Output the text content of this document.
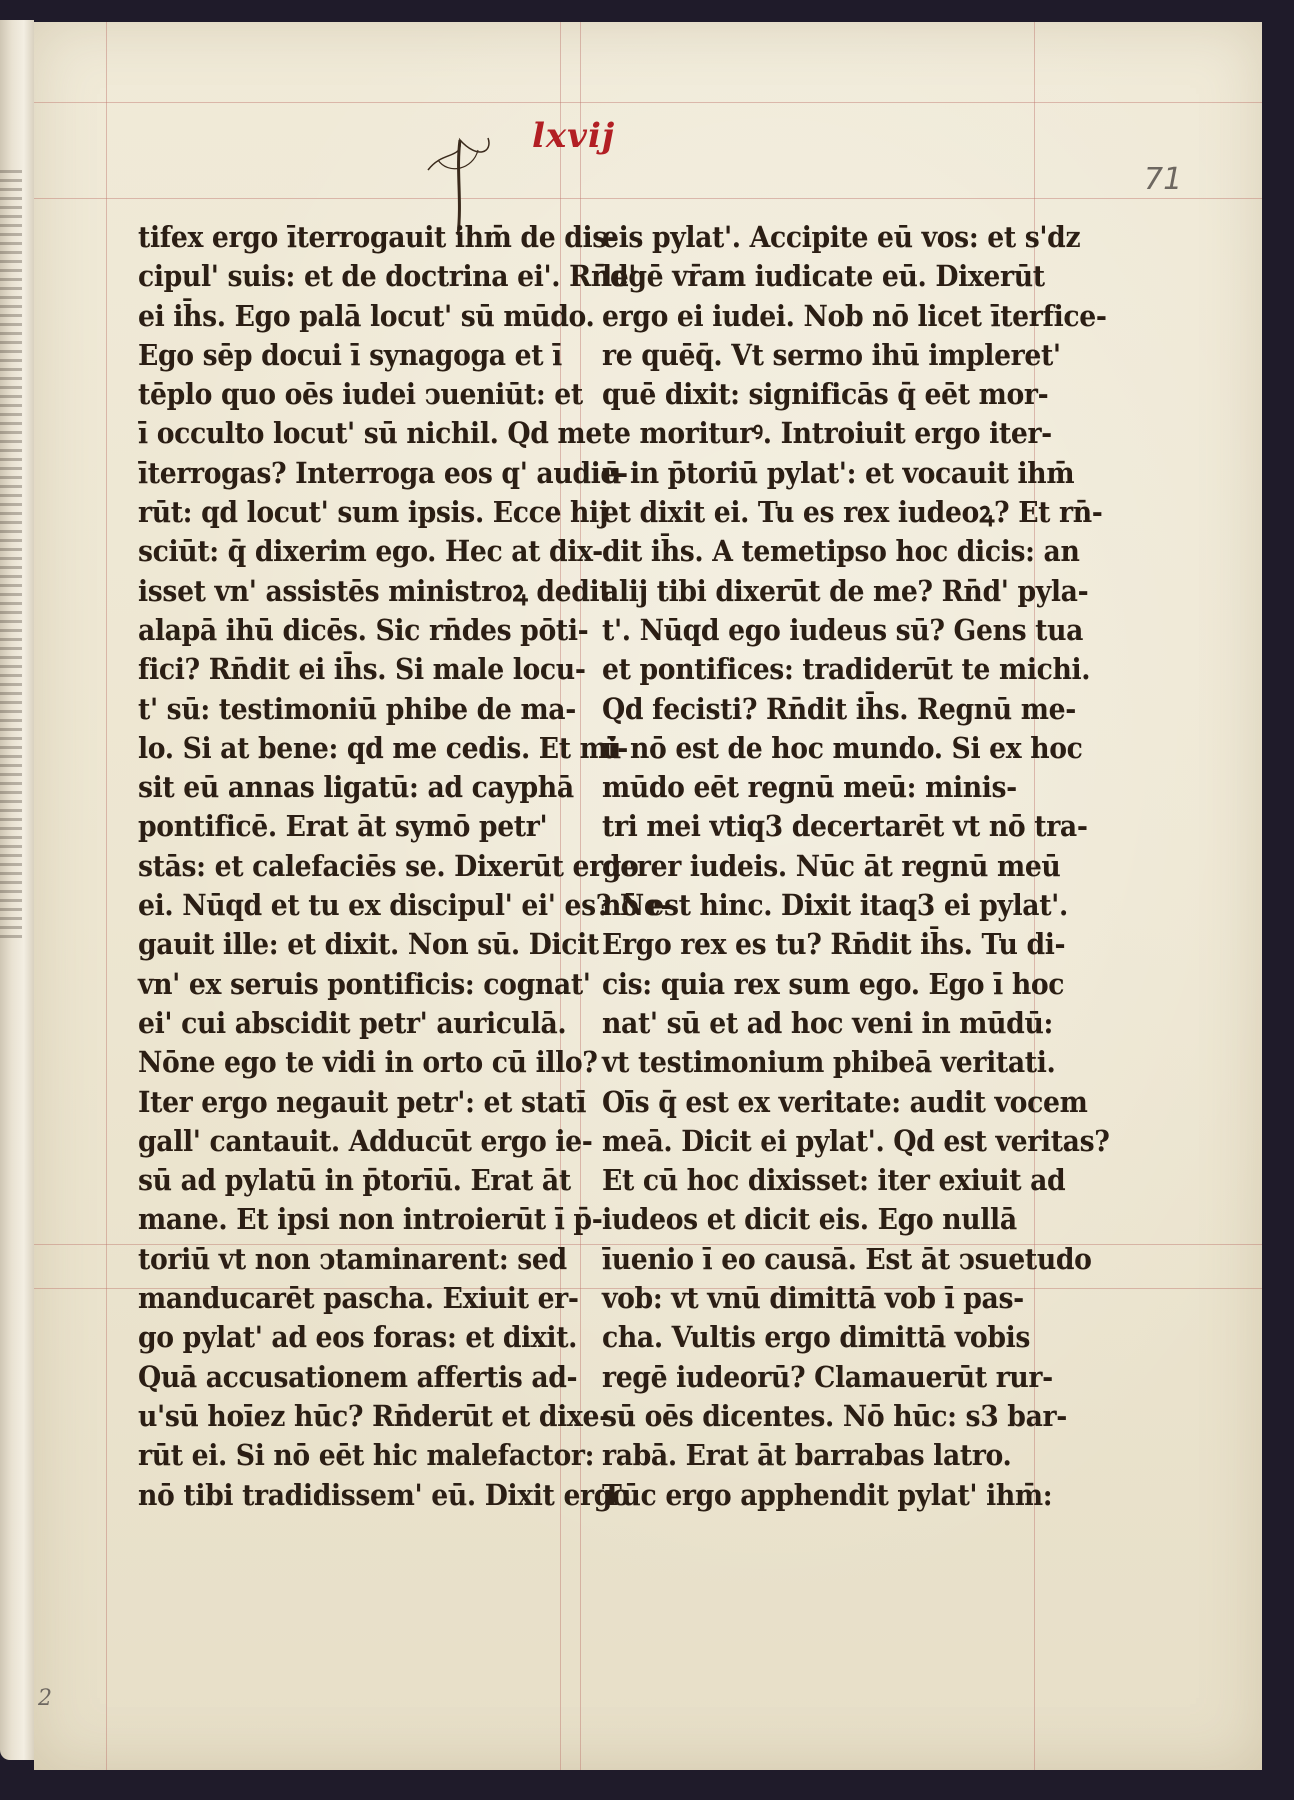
lxvij
71
2
tifex ergo īterrogauit ihm̄ de dis-
cipul' suis: et de doctrina ei'. Rn̄d'
ei ih̄s. Ego palā locut' sū mūdo.
Ego sēp docui ī synagoga et ī
tēplo quo oēs iudei ↄueniūt: et
ī occulto locut' sū nichil. Qd me
īterrogas? Interroga eos q' audie-
rūt: qd locut' sum ipsis. Ecce hij
sciūt: q̄ dixerim ego. Hec at dix-
isset vn' assistēs ministroꝝ dedit
alapā ihū dicēs. Sic rn̄des pōti-
fici? Rn̄dit ei ih̄s. Si male locu-
t' sū: testimoniū phibe de ma-
lo. Si at bene: qd me cedis. Et mi-
sit eū annas ligatū: ad cayphā
pontificē. Erat āt symō petr'
stās: et calefaciēs se. Dixerūt ergo
ei. Nūqd et tu ex discipul' ei' es? Ne-
gauit ille: et dixit. Non sū. Dicit
vn' ex seruis pontificis: cognat'
ei' cui abscidit petr' auriculā.
Nōne ego te vidi in orto cū illo?
Iter ergo negauit petr': et statī
gall' cantauit. Adducūt ergo ie-
sū ad pylatū in p̄torīū. Erat āt
mane. Et ipsi non introierūt ī p̄-
toriū vt non ↄtaminarent: sed
manducarēt pascha. Exiuit er-
go pylat' ad eos foras: et dixit.
Quā accusationem affertis ad-
u'sū hoīez hūc? Rn̄derūt et dixe-
rūt ei. Si nō eēt hic malefactor:
nō tibi tradidissem' eū. Dixit ergo
eis pylat'. Accipite eū vos: et s'dz
legē vr̄am iudicate eū. Dixerūt
ergo ei iudei. Nob nō licet īterfice-
re quēq̄. Vt sermo ihū impleret'
quē dixit: significās q̄ eēt mor-
te moriturꝰ. Introiuit ergo iter-
ū in p̄toriū pylat': et vocauit ihm̄
et dixit ei. Tu es rex iudeoꝝ? Et rn̄-
dit ih̄s. A temetipso hoc dicis: an
alij tibi dixerūt de me? Rn̄d' pyla-
t'. Nūqd ego iudeus sū? Gens tua
et pontifices: tradiderūt te michi.
Qd fecisti? Rn̄dit ih̄s. Regnū me-
ū nō est de hoc mundo. Si ex hoc
mūdo eēt regnū meū: minis-
tri mei vtiq3 decertarēt vt nō tra-
derer iudeis. Nūc āt regnū meū
nō est hinc. Dixit itaq3 ei pylat'.
Ergo rex es tu? Rn̄dit ih̄s. Tu di-
cis: quia rex sum ego. Ego ī hoc
nat' sū et ad hoc veni in mūdū:
vt testimonium phibeā veritati.
Oīs q̄ est ex veritate: audit vocem
meā. Dicit ei pylat'. Qd est veritas?
Et cū hoc dixisset: iter exiuit ad
iudeos et dicit eis. Ego nullā
īuenio ī eo causā. Est āt ↄsuetudo
vob: vt vnū dimittā vob ī pas-
cha. Vultis ergo dimittā vobis
regē iudeorū? Clamauerūt rur-
sū oēs dicentes. Nō hūc: s3 bar-
rabā. Erat āt barrabas latro.
Tūc ergo apphendit pylat' ihm̄:
